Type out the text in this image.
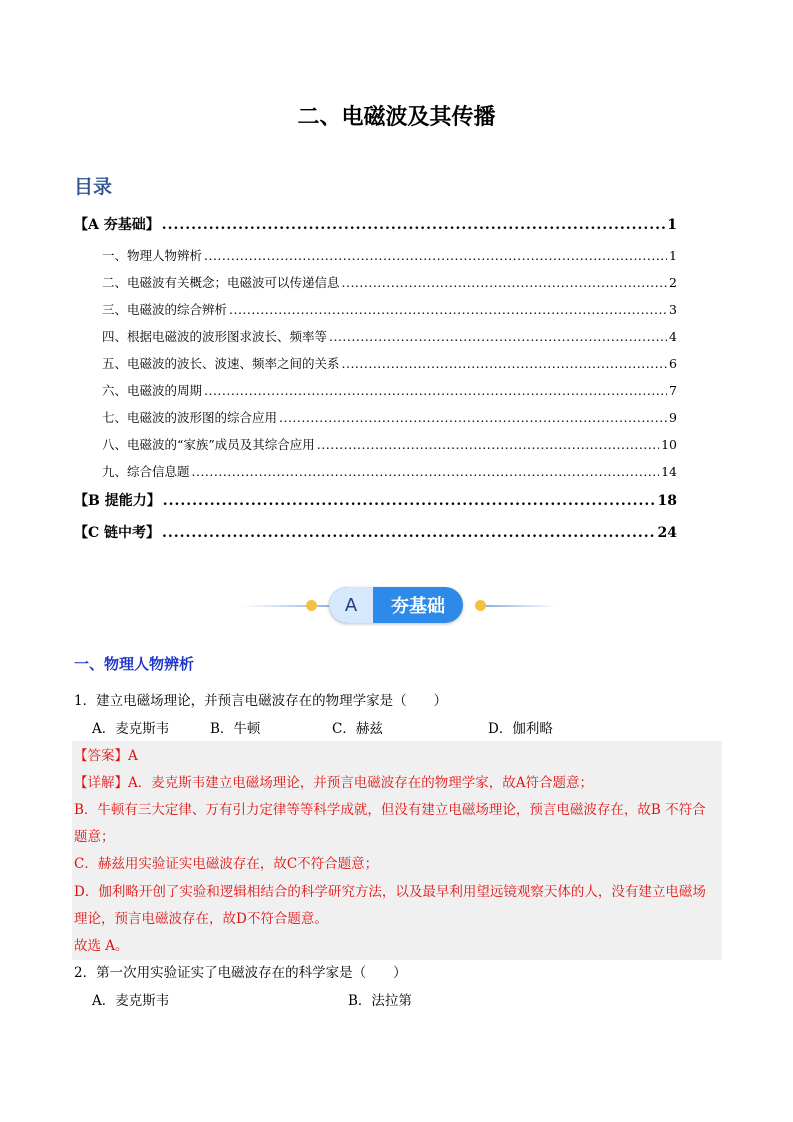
二、电磁波及其传播
目录
【A 夯基础】 .....	1
一、物理人物辨析 .....	1
二、电磁波有关概念；电磁波可以传递信息 .....	2
三、电磁波的综合辨析 .....	3
四、根据电磁波的波形图求波长、频率等 .....	4
五、电磁波的波长、波速、频率之间的关系 .....	6
六、电磁波的周期 .....	7
七、电磁波的波形图的综合应用 .....	9
八、电磁波的“家族”成员及其综合应用 .....	10
九、综合信息题 .....	14
【B 提能力】 .....	18
【C 链中考】 .....	24
A	夯基础
一、物理人物辨析
1．建立电磁场理论，并预言电磁波存在的物理学家是（　　）
A．麦克斯韦	B．牛顿	C．赫兹	D．伽利略
【答案】A
【详解】A．麦克斯韦建立电磁场理论，并预言电磁波存在的物理学家，故A符合题意；
B．牛顿有三大定律、万有引力定律等等科学成就，但没有建立电磁场理论，预言电磁波存在，故B 不符合
题意；
C．赫兹用实验证实电磁波存在，故C不符合题意；
D．伽利略开创了实验和逻辑相结合的科学研究方法，以及最早利用望远镜观察天体的人，没有建立电磁场
理论，预言电磁波存在，故D不符合题意。
故选 A。
2．第一次用实验证实了电磁波存在的科学家是（　　）
A．麦克斯韦	B．法拉第
